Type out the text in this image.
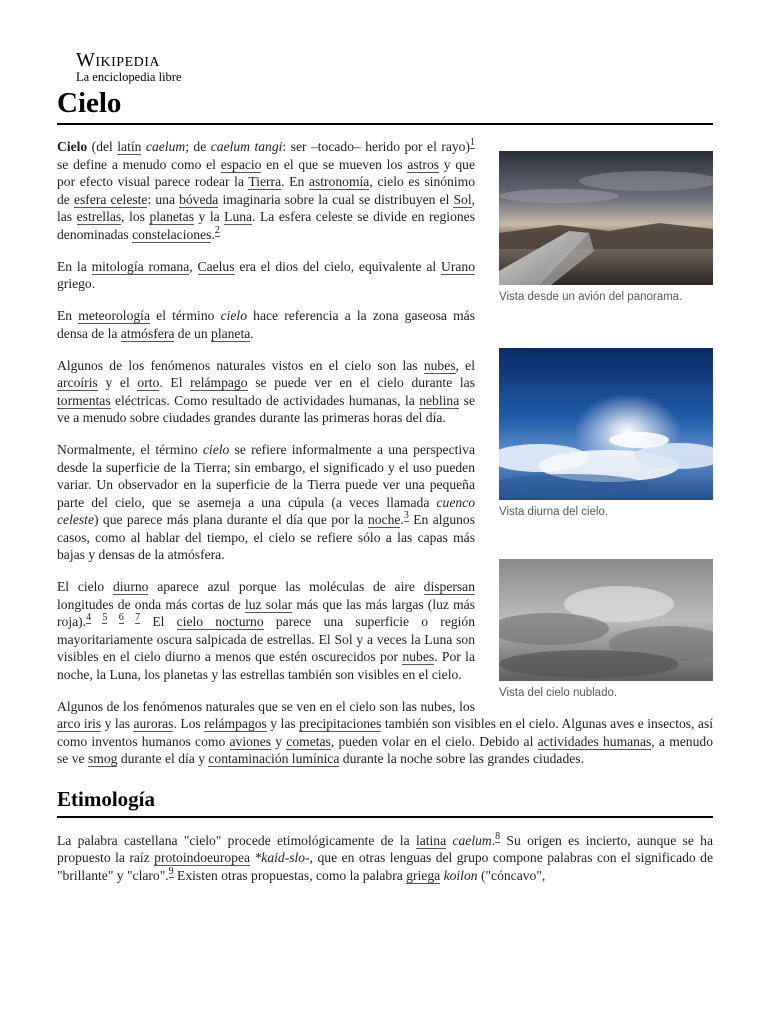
Wikipedia
La enciclopedia libre
Cielo
Vista desde un avión del panorama.

Cielo (del latín caelum; de caelum tangi: ser –tocado– herido por el rayo)$^1$ se define a menudo como el espacio en el que se mueven los astros y que por efecto visual parece rodear la Tierra. En astronomía, cielo es sinónimo de esfera celeste: una bóveda imaginaria sobre la cual se distribuyen el Sol, las estrellas, los planetas y la Luna. La esfera celeste se divide en regiones denominadas constelaciones.$^2$

En la mitología romana, Caelus era el dios del cielo, equivalente al Urano griego.

Vista diurna del cielo.

En meteorología el término cielo hace referencia a la zona gaseosa más densa de la atmósfera de un planeta.

Algunos de los fenómenos naturales vistos en el cielo son las nubes, el arcoíris y el orto. El relámpago se puede ver en el cielo durante las tormentas eléctricas. Como resultado de actividades humanas, la neblina se ve a menudo sobre ciudades grandes durante las primeras horas del día.

Vista del cielo nublado.

Normalmente, el término cielo se refiere informalmente a una perspectiva desde la superficie de la Tierra; sin embargo, el significado y el uso pueden variar. Un observador en la superficie de la Tierra puede ver una pequeña parte del cielo, que se asemeja a una cúpula (a veces llamada cuenco celeste) que parece más plana durante el día que por la noche.$^3$ En algunos casos, como al hablar del tiempo, el cielo se refiere sólo a las capas más bajas y densas de la atmósfera.

El cielo diurno aparece azul porque las moléculas de aire dispersan longitudes de onda más cortas de luz solar más que las más largas (luz más roja).$^{4 5 6 7}$ El cielo nocturno parece una superficie o región mayoritariamente oscura salpicada de estrellas. El Sol y a veces la Luna son visibles en el cielo diurno a menos que estén oscurecidos por nubes. Por la noche, la Luna, los planetas y las estrellas también son visibles en el cielo.

Algunos de los fenómenos naturales que se ven en el cielo son las nubes, los arco iris y las auroras. Los relámpagos y las precipitaciones también son visibles en el cielo. Algunas aves e insectos, así como inventos humanos como aviones y cometas, pueden volar en el cielo. Debido al actividades humanas, a menudo se ve smog durante el día y contaminación lumínica durante la noche sobre las grandes ciudades.

Etimología

La palabra castellana "cielo" procede etimológicamente de la latina caelum.$^8$ Su origen es incierto, aunque se ha propuesto la raíz protoindoeuropea *kaid-slo-, que en otras lenguas del grupo compone palabras con el significado de "brillante" y "claro".$^9$ Existen otras propuestas, como la palabra griega koilon ("cóncavo",
